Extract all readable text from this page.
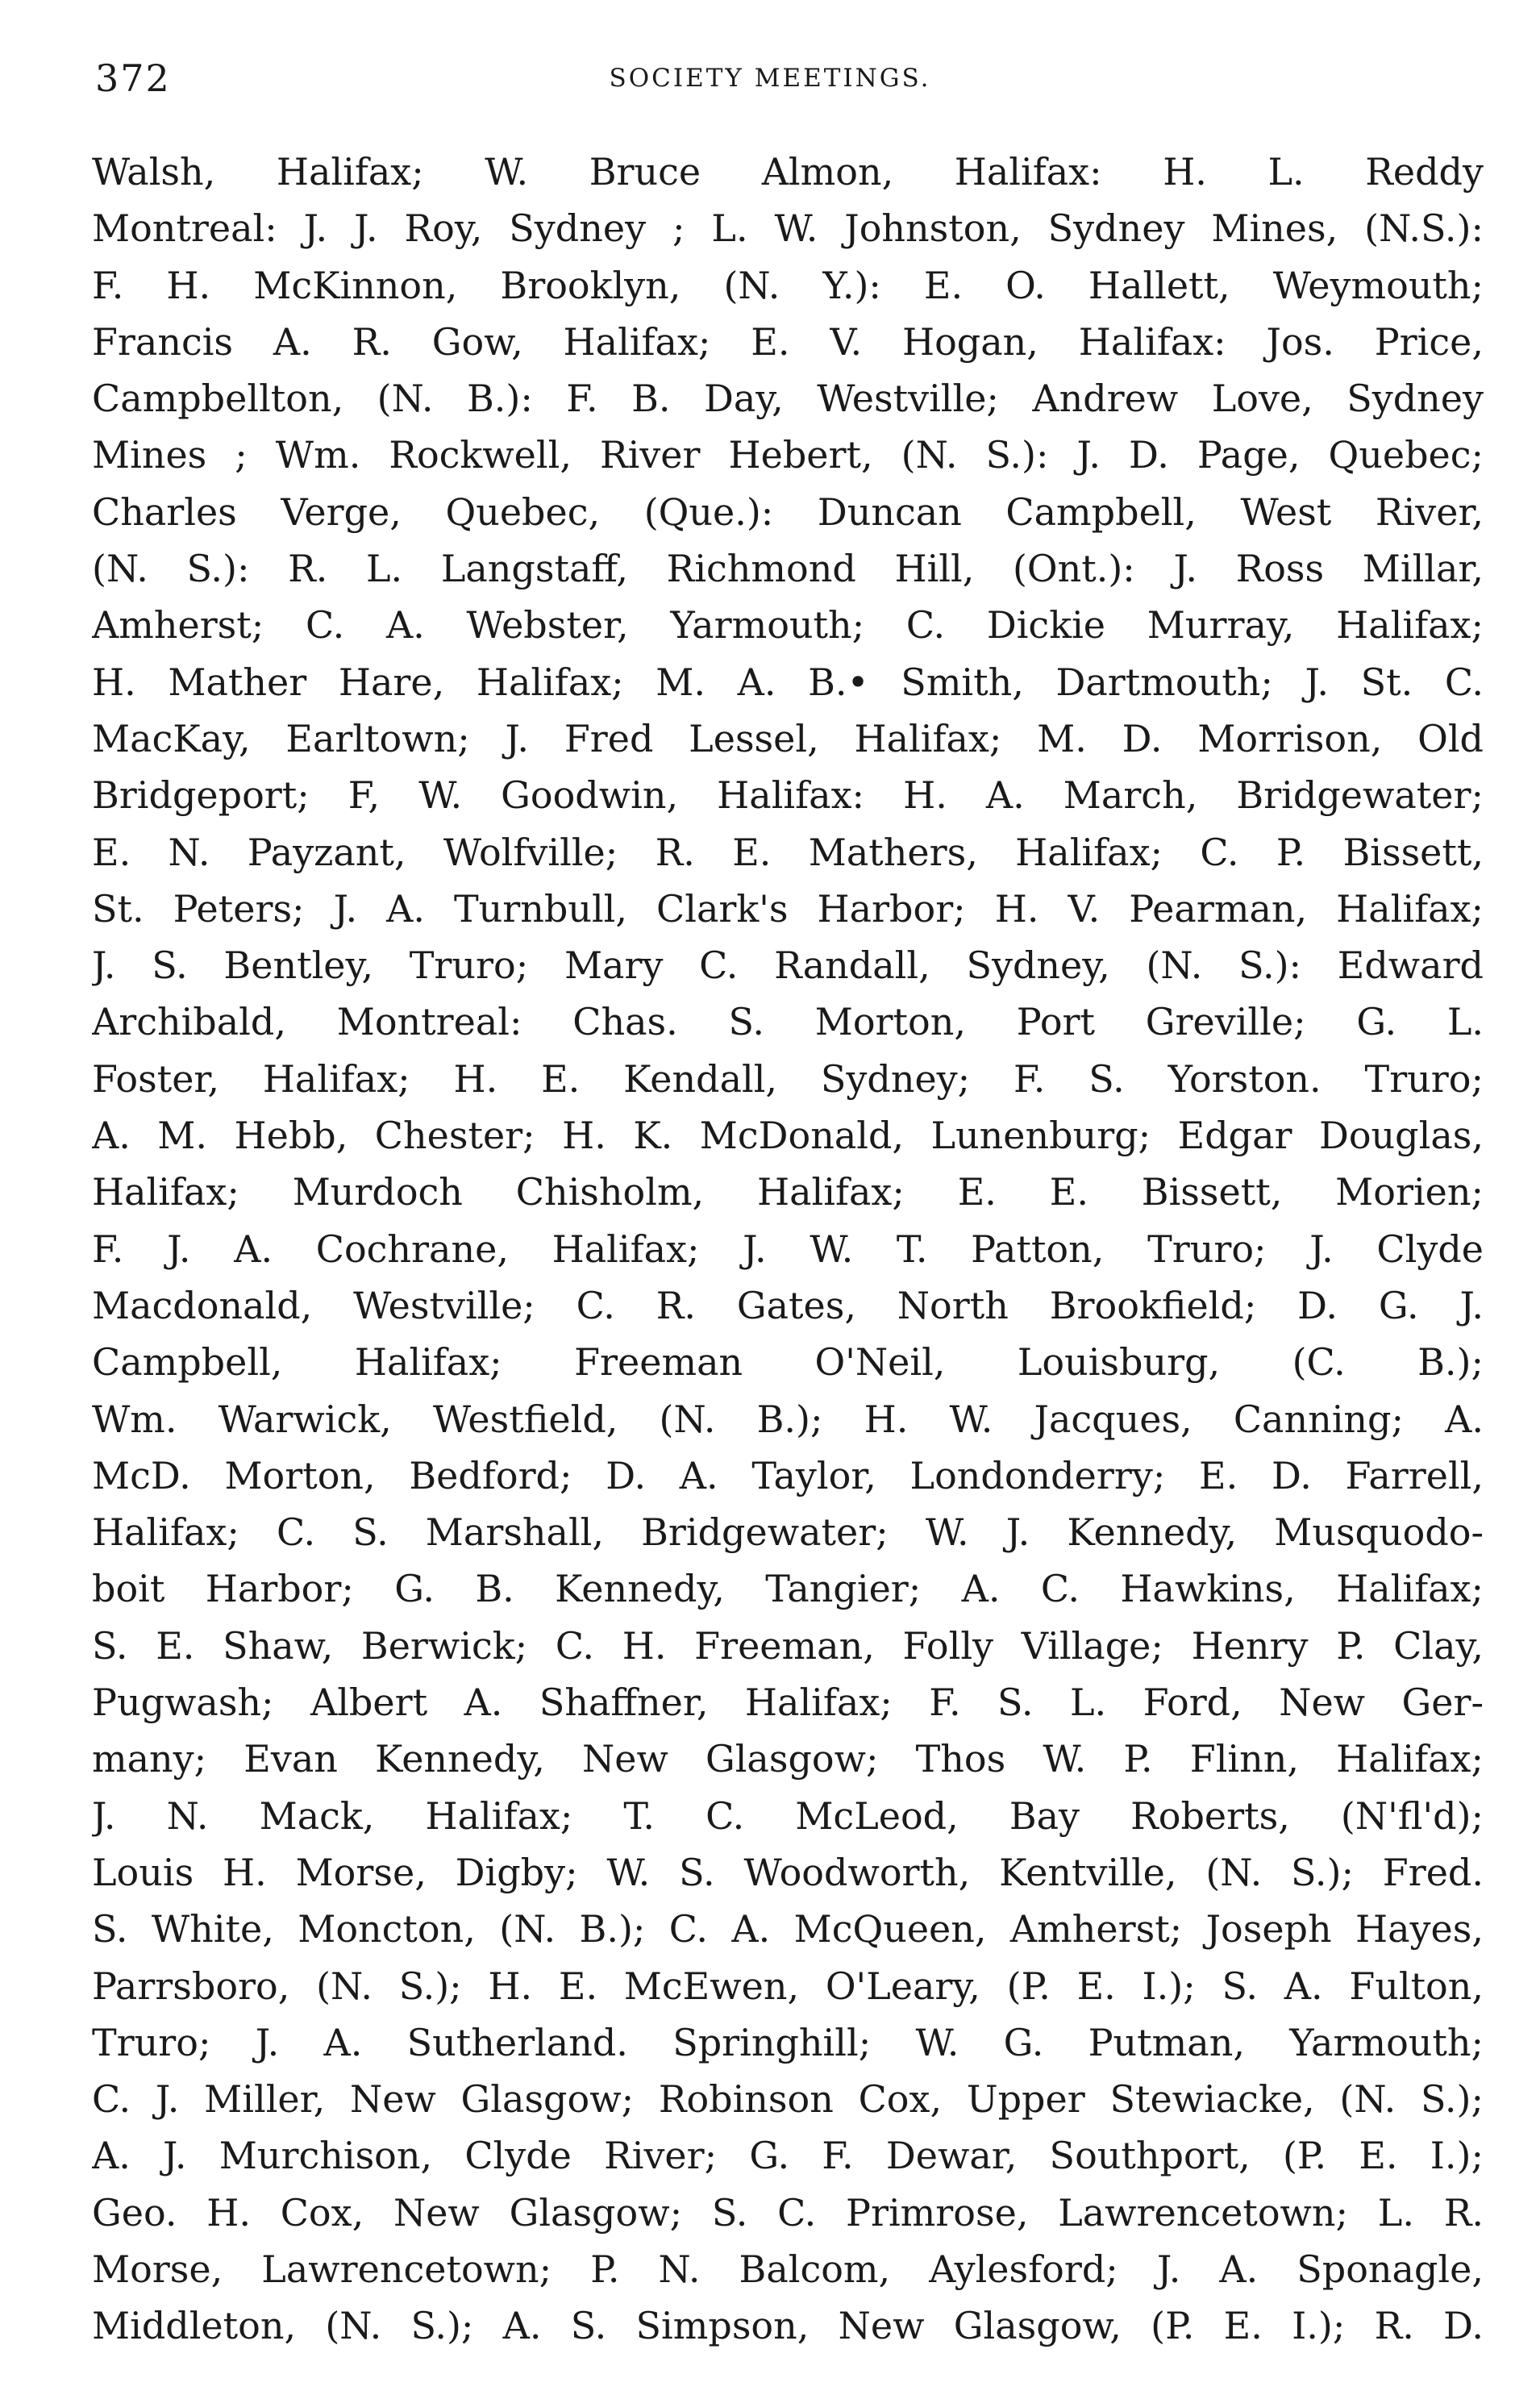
372	SOCIETY MEETINGS.
Walsh, Halifax; W. Bruce Almon, Halifax: H. L. Reddy
Montreal: J. J. Roy, Sydney ; L. W. Johnston, Sydney Mines, (N.S.):
F. H. McKinnon, Brooklyn, (N. Y.): E. O. Hallett, Weymouth;
Francis A. R. Gow, Halifax; E. V. Hogan, Halifax: Jos. Price,
Campbellton, (N. B.): F. B. Day, Westville; Andrew Love, Sydney
Mines ; Wm. Rockwell, River Hebert, (N. S.): J. D. Page, Quebec;
Charles Verge, Quebec, (Que.): Duncan Campbell, West River,
(N. S.): R. L. Langstaff, Richmond Hill, (Ont.): J. Ross Millar,
Amherst; C. A. Webster, Yarmouth; C. Dickie Murray, Halifax;
H. Mather Hare, Halifax; M. A. B.• Smith, Dartmouth; J. St. C.
MacKay, Earltown; J. Fred Lessel, Halifax; M. D. Morrison, Old
Bridgeport; F, W. Goodwin, Halifax: H. A. March, Bridgewater;
E. N. Payzant, Wolfville; R. E. Mathers, Halifax; C. P. Bissett,
St. Peters; J. A. Turnbull, Clark's Harbor; H. V. Pearman, Halifax;
J. S. Bentley, Truro; Mary C. Randall, Sydney, (N. S.): Edward
Archibald, Montreal: Chas. S. Morton, Port Greville; G. L.
Foster, Halifax; H. E. Kendall, Sydney; F. S. Yorston. Truro;
A. M. Hebb, Chester; H. K. McDonald, Lunenburg; Edgar Douglas,
Halifax; Murdoch Chisholm, Halifax; E. E. Bissett, Morien;
F. J. A. Cochrane, Halifax; J. W. T. Patton, Truro; J. Clyde
Macdonald, Westville; C. R. Gates, North Brookfield; D. G. J.
Campbell, Halifax; Freeman O'Neil, Louisburg, (C. B.);
Wm. Warwick, Westfield, (N. B.); H. W. Jacques, Canning; A.
McD. Morton, Bedford; D. A. Taylor, Londonderry; E. D. Farrell,
Halifax; C. S. Marshall, Bridgewater; W. J. Kennedy, Musquodo-
boit Harbor; G. B. Kennedy, Tangier; A. C. Hawkins, Halifax;
S. E. Shaw, Berwick; C. H. Freeman, Folly Village; Henry P. Clay,
Pugwash; Albert A. Shaffner, Halifax; F. S. L. Ford, New Ger-
many; Evan Kennedy, New Glasgow; Thos W. P. Flinn, Halifax;
J. N. Mack, Halifax; T. C. McLeod, Bay Roberts, (N'fl'd);
Louis H. Morse, Digby; W. S. Woodworth, Kentville, (N. S.); Fred.
S. White, Moncton, (N. B.); C. A. McQueen, Amherst; Joseph Hayes,
Parrsboro, (N. S.); H. E. McEwen, O'Leary, (P. E. I.); S. A. Fulton,
Truro; J. A. Sutherland. Springhill; W. G. Putman, Yarmouth;
C. J. Miller, New Glasgow; Robinson Cox, Upper Stewiacke, (N. S.);
A. J. Murchison, Clyde River; G. F. Dewar, Southport, (P. E. I.);
Geo. H. Cox, New Glasgow; S. C. Primrose, Lawrencetown; L. R.
Morse, Lawrencetown; P. N. Balcom, Aylesford; J. A. Sponagle,
Middleton, (N. S.); A. S. Simpson, New Glasgow, (P. E. I.); R. D.
